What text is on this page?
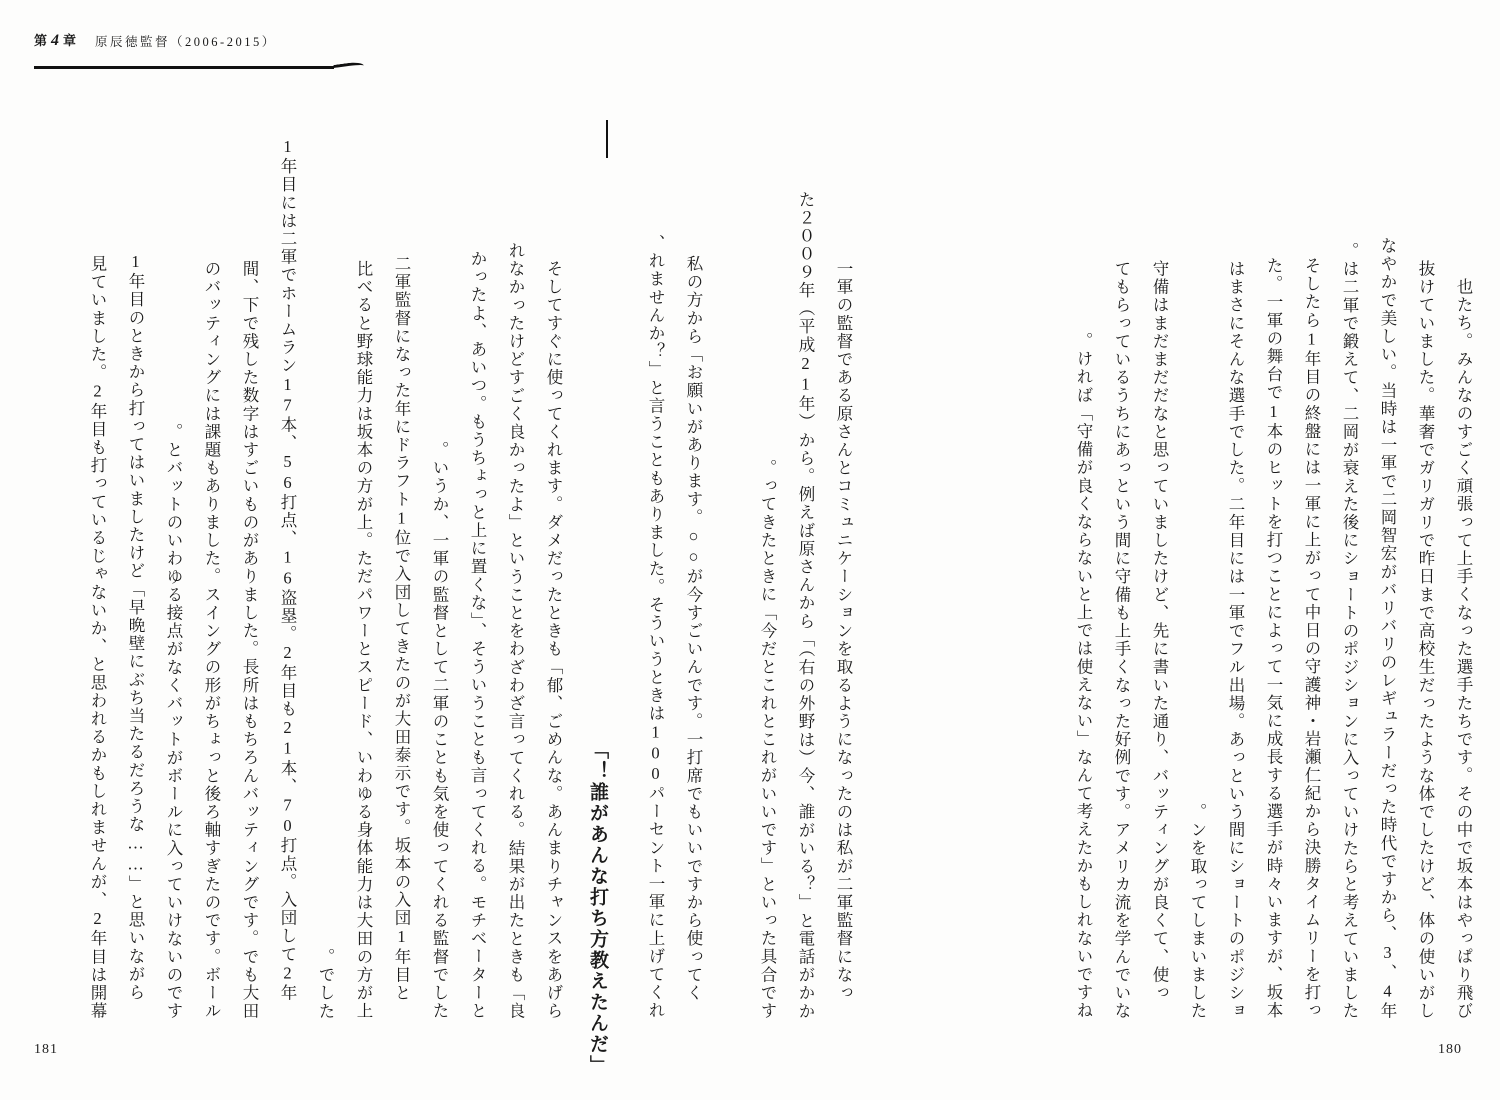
第 4 章 原辰徳監督（2006-2015）
「誰があんな打ち方教えたんだ！」
也たち。みんなのすごく頑張って上手くなった選手たちです。その中で坂本はやっぱり飛び
抜けていました。華奢でガリガリで昨日まで高校生だったような体でしたけど、体の使いがし
なやかで美しい。当時は一軍で二岡智宏がバリバリのレギュラーだった時代ですから、3、4年
は二軍で鍛えて、二岡が衰えた後にショートのポジションに入っていけたらと考えていました。
そしたら1年目の終盤には一軍に上がって中日の守護神・岩瀬仁紀から決勝タイムリーを打っ
た。一軍の舞台で1本のヒットを打つことによって一気に成長する選手が時々いますが、坂本
はまさにそんな選手でした。二年目には一軍でフル出場。あっという間にショートのポジショ
ンを取ってしまいました。
　守備はまだまだだなと思っていましたけど、先に書いた通り、バッティングが良くて、使っ
てもらっているうちにあっという間に守備も上手くなった好例です。アメリカ流を学んでいな
ければ「守備が良くならないと上では使えない」なんて考えたかもしれないですね。
　一軍の監督である原さんとコミュニケーションを取るようになったのは私が二軍監督になっ
た２００９年（平成21年）から。例えば原さんから「（右の外野は）今、誰がいる？」と電話がかか
ってきたときに「今だとこれとこれがいいです」といった具合です。
　私の方から「お願いがあります。○○が今すごいんです。一打席でもいいですから使ってく
れませんか？」と言うこともありました。そういうときは100パーセント一軍に上げてくれ、
そしてすぐに使ってくれます。ダメだったときも「郁、ごめんな。あんまりチャンスをあげら
れなかったけどすごく良かったよ」ということをわざわざ言ってくれる。結果が出たときも「良
かったよ、あいつ。もうちょっと上に置くな」、そういうことも言ってくれる。モチベーターと
いうか、一軍の監督として二軍のことも気を使ってくれる監督でした。
　二軍監督になった年にドラフト1位で入団してきたのが大田泰示です。坂本の入団1年目と
比べると野球能力は坂本の方が上。ただパワーとスピード、いわゆる身体能力は大田の方が上
でした。
　1年目には二軍でホームラン17本、56打点、16盗塁。2年目も21本、70打点。入団して2年
間、下で残した数字はすごいものがありました。長所はもちろんバッティングです。でも大田
のバッティングには課題もありました。スイングの形がちょっと後ろ軸すぎたのです。ボール
とバットのいわゆる接点がなくバットがボールに入っていけないのです。
　1年目のときから打ってはいましたけど「早晩壁にぶち当たるだろうな……」と思いながら
見ていました。2年目も打っているじゃないか、と思われるかもしれませんが、2年目は開幕
181	180
